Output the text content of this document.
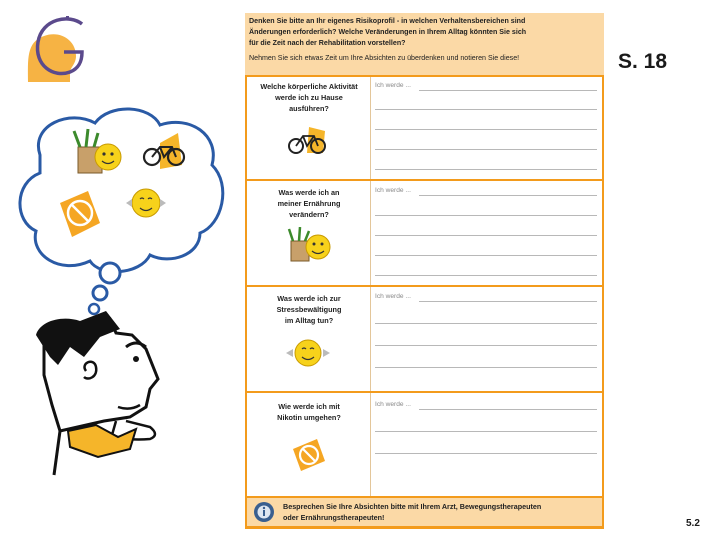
Denken Sie bitte an Ihr eigenes Risikoprofil - in welchen Verhaltensbereichen sind
Änderungen erforderlich? Welche Veränderungen in Ihrem Alltag könnten Sie sich
für die Zeit nach der Rehabilitation vorstellen?
Nehmen Sie sich etwas Zeit um Ihre Absichten zu überdenken und notieren Sie diese!
Welche körperliche Aktivität
werde ich zu Hause
ausführen?
Ich werde ...
Was werde ich an
meiner Ernährung
verändern?
Ich werde ...
Was werde ich zur
Stressbewältigung
im Alltag tun?
Ich werde ...
Wie werde ich mit
Nikotin umgehen?
Ich werde ...
Besprechen Sie Ihre Absichten bitte mit Ihrem Arzt, Bewegungstherapeuten
oder Ernährungstherapeuten!
S. 18
5.2
